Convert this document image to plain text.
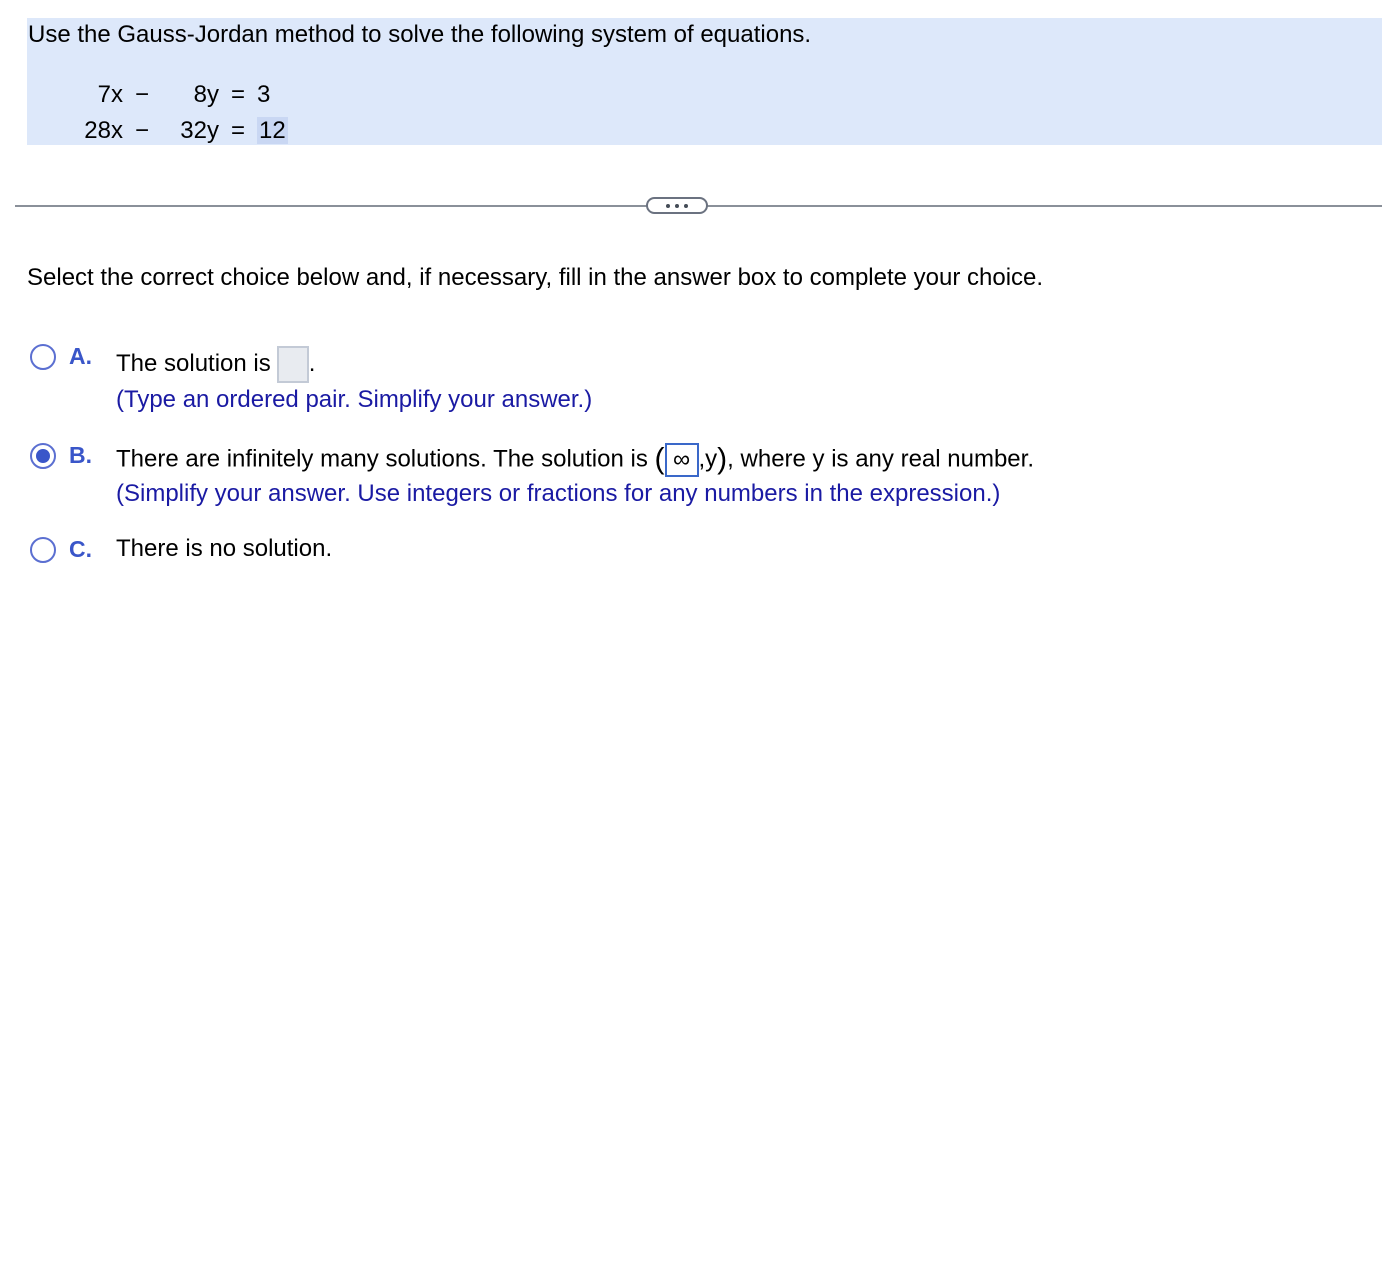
Use the Gauss-Jordan method to solve the following system of equations.
7x	−	8y	=	3
28x	−	32y	=	12
Select the correct choice below and, if necessary, fill in the answer box to complete your choice.
A. The solution is .
(Type an ordered pair. Simplify your answer.)
B. There are infinitely many solutions. The solution is ( ∞ ,y), where y is any real number.
(Simplify your answer. Use integers or fractions for any numbers in the expression.)
C. There is no solution.
